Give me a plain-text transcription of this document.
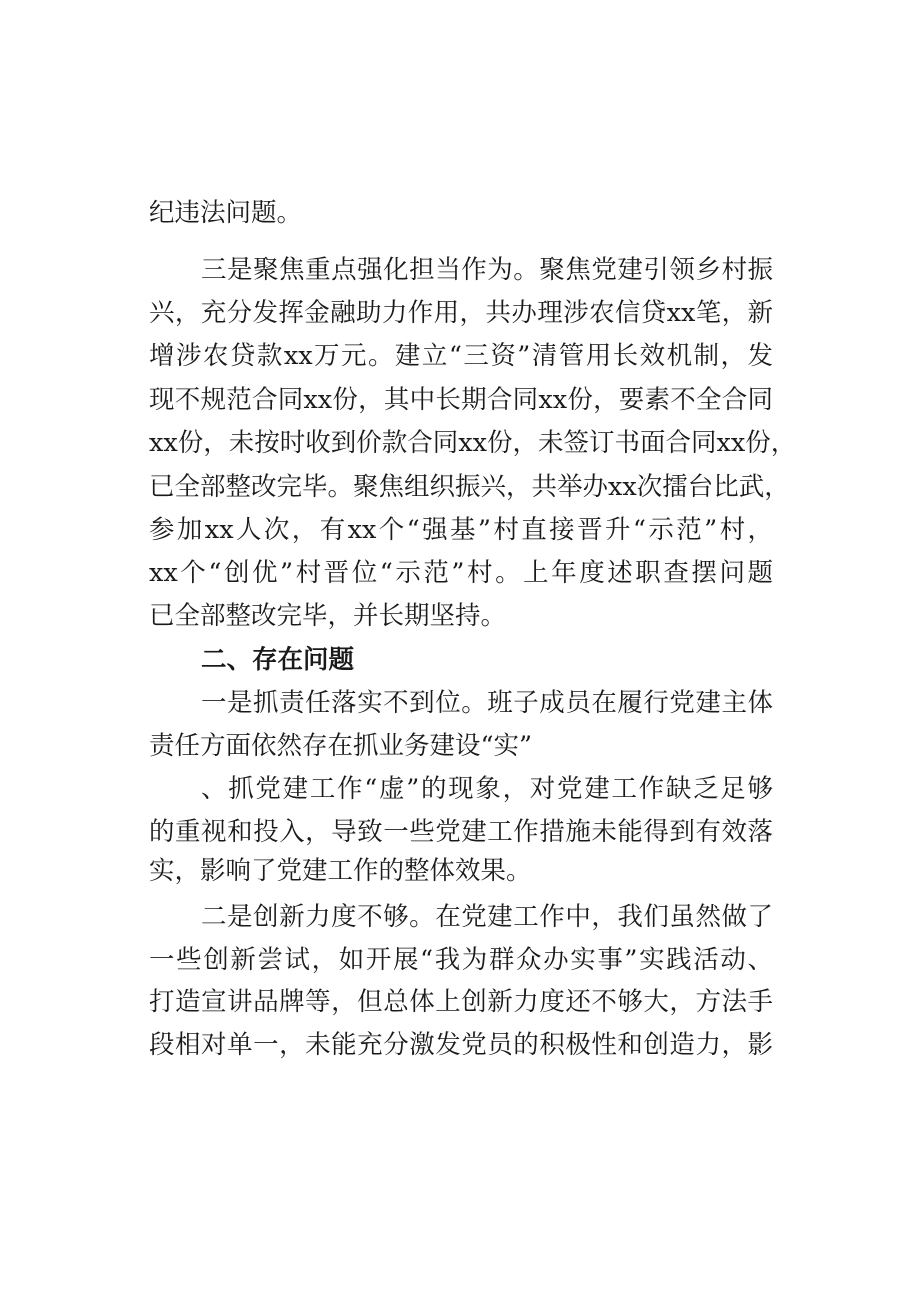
纪违法问题。
三是聚焦重点强化担当作为。聚焦党建引领乡村振
兴，充分发挥金融助力作用，共办理涉农信贷xx笔，新
增涉农贷款xx万元。建立“三资”清管用长效机制，发
现不规范合同xx份，其中长期合同xx份，要素不全合同
xx份，未按时收到价款合同xx份，未签订书面合同xx份，
已全部整改完毕。聚焦组织振兴，共举办xx次擂台比武，
参加xx人次，有xx个“强基”村直接晋升“示范”村，
xx个“创优”村晋位“示范”村。上年度述职查摆问题
已全部整改完毕，并长期坚持。
二、存在问题
一是抓责任落实不到位。班子成员在履行党建主体
责任方面依然存在抓业务建设“实”
、抓党建工作“虚”的现象，对党建工作缺乏足够
的重视和投入，导致一些党建工作措施未能得到有效落
实，影响了党建工作的整体效果。
二是创新力度不够。在党建工作中，我们虽然做了
一些创新尝试，如开展“我为群众办实事”实践活动、
打造宣讲品牌等，但总体上创新力度还不够大，方法手
段相对单一，未能充分激发党员的积极性和创造力，影
